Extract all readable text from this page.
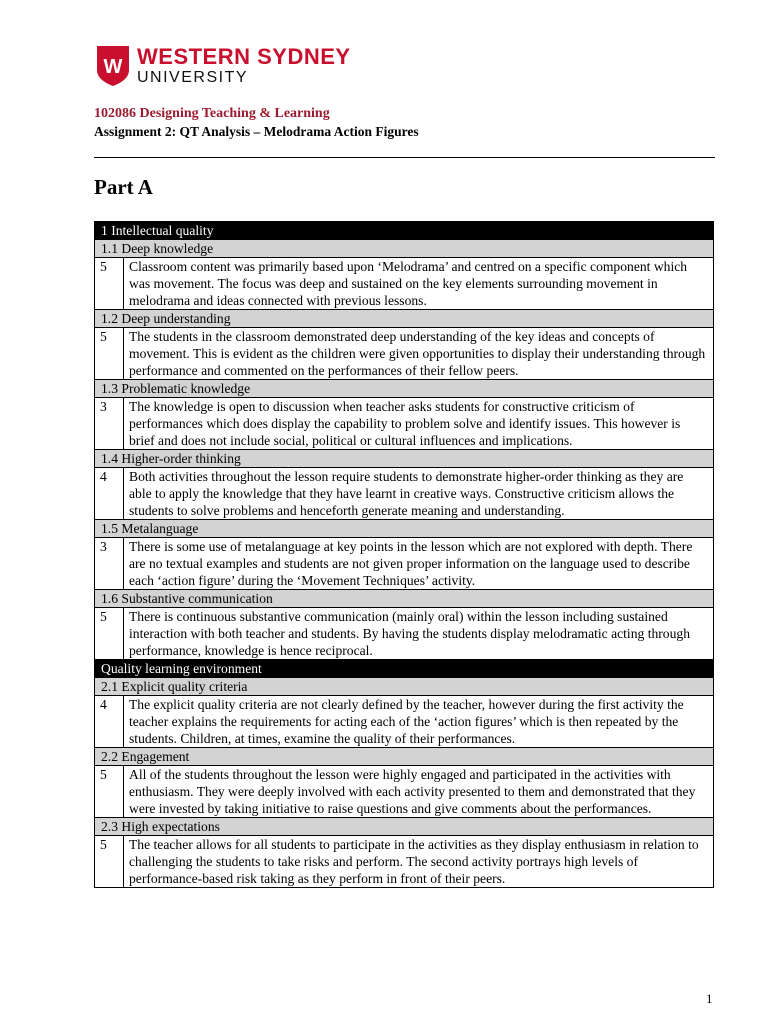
W WESTERN SYDNEY
UNIVERSITY
102086 Designing Teaching & Learning
Assignment 2: QT Analysis – Melodrama Action Figures
Part A
1 Intellectual quality	
1.1 Deep knowledge	
5	Classroom content was primarily based upon ‘Melodrama’ and centred on a specific component which was movement. The focus was deep and sustained on the key elements surrounding movement in melodrama and ideas connected with previous lessons.
1.2 Deep understanding	
5	The students in the classroom demonstrated deep understanding of the key ideas and concepts of movement. This is evident as the children were given opportunities to display their understanding through performance and commented on the performances of their fellow peers.
1.3 Problematic knowledge	
3	The knowledge is open to discussion when teacher asks students for constructive criticism of performances which does display the capability to problem solve and identify issues. This however is brief and does not include social, political or cultural influences and implications.
1.4 Higher-order thinking	
4	Both activities throughout the lesson require students to demonstrate higher-order thinking as they are able to apply the knowledge that they have learnt in creative ways. Constructive criticism allows the students to solve problems and henceforth generate meaning and understanding.
1.5 Metalanguage	
3	There is some use of metalanguage at key points in the lesson which are not explored with depth. There are no textual examples and students are not given proper information on the language used to describe each ‘action figure’ during the ‘Movement Techniques’ activity.
1.6 Substantive communication	
5	There is continuous substantive communication (mainly oral) within the lesson including sustained interaction with both teacher and students. By having the students display melodramatic acting through performance, knowledge is hence reciprocal.
Quality learning environment	
2.1 Explicit quality criteria	
4	The explicit quality criteria are not clearly defined by the teacher, however during the first activity the teacher explains the requirements for acting each of the ‘action figures’ which is then repeated by the students. Children, at times, examine the quality of their performances.
2.2 Engagement	
5	All of the students throughout the lesson were highly engaged and participated in the activities with enthusiasm. They were deeply involved with each activity presented to them and demonstrated that they were invested by taking initiative to raise questions and give comments about the performances.
2.3 High expectations	
5	The teacher allows for all students to participate in the activities as they display enthusiasm in relation to challenging the students to take risks and perform. The second activity portrays high levels of performance-based risk taking as they perform in front of their peers.
1
